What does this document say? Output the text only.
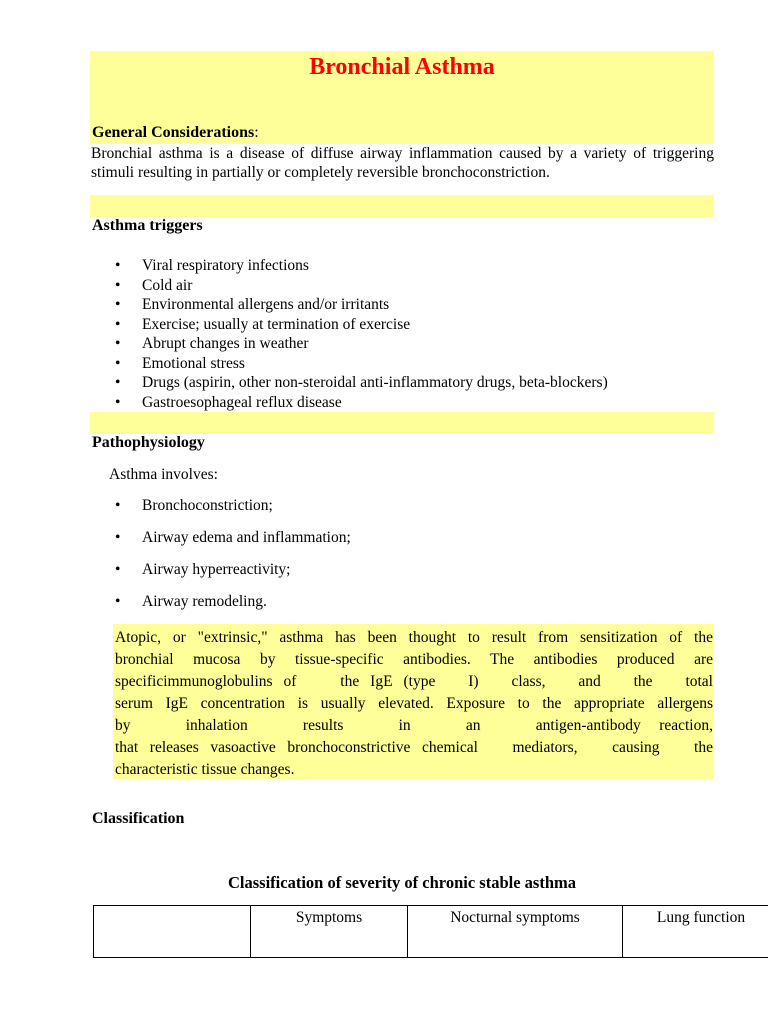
Bronchial Asthma
General Considerations:
Bronchial asthma is a disease of diffuse airway inflammation caused by a variety of triggering stimuli resulting in partially or completely reversible bronchoconstriction.
Asthma triggers
• Viral respiratory infections
• Cold air
• Environmental allergens and/or irritants
• Exercise; usually at termination of exercise
• Abrupt changes in weather
• Emotional stress
• Drugs (aspirin, other non-steroidal anti-inflammatory drugs, beta-blockers)
• Gastroesophageal reflux disease
Pathophysiology
Asthma involves:
• Bronchoconstriction;
• Airway edema and inflammation;
• Airway hyperreactivity;
• Airway remodeling.
Atopic, or "extrinsic," asthma has been thought to result from sensitization of the
bronchial mucosa by tissue-specific antibodies. The antibodies produced are
specificimmunoglobulins of    the IgE (type   I)   class,   and   the   total
serum IgE concentration is usually elevated. Exposure to the appropriate allergens
by   inhalation   results   in   an   antigen-antibody reaction,
that releases vasoactive bronchoconstrictive chemical   mediators,   causing   the
characteristic tissue changes.
Classification
Classification of severity of chronic stable asthma
	Symptoms	Nocturnal symptoms	Lung function
